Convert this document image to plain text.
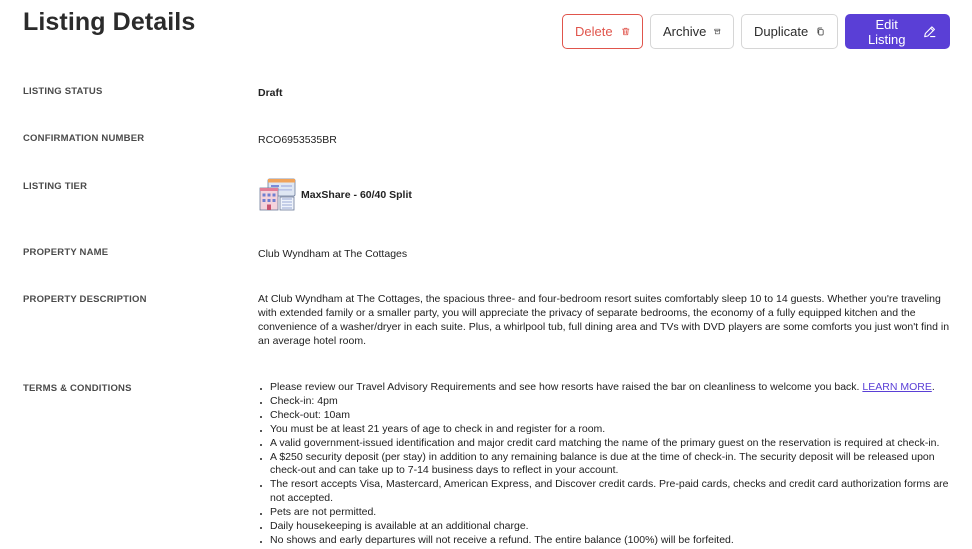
Listing Details	Delete	Archive	Duplicate	Edit Listing
LISTING STATUS	Draft
CONFIRMATION NUMBER	RCO6953535BR
LISTING TIER
MaxShare - 60/40 Split
PROPERTY NAME	Club Wyndham at The Cottages
PROPERTY DESCRIPTION	At Club Wyndham at The Cottages, the spacious three- and four-bedroom resort suites comfortably sleep 10 to 14 guests. Whether you're traveling with extended family or a smaller party, you will appreciate the privacy of separate bedrooms, the economy of a fully equipped kitchen and the convenience of a washer/dryer in each suite. Plus, a whirlpool tub, full dining area and TVs with DVD players are some comforts you just won't find in an average hotel room.
TERMS & CONDITIONS
•	Please review our Travel Advisory Requirements and see how resorts have raised the bar on cleanliness to welcome you back. LEARN MORE.
• Check-in: 4pm
• Check-out: 10am
• You must be at least 21 years of age to check in and register for a room.
• A valid government-issued identification and major credit card matching the name of the primary guest on the reservation is required at check-in.
• A $250 security deposit (per stay) in addition to any remaining balance is due at the time of check-in. The security deposit will be released upon check-out and can take up to 7-14 business days to reflect in your account.
• The resort accepts Visa, Mastercard, American Express, and Discover credit cards. Pre-paid cards, checks and credit card authorization forms are not accepted.
• Pets are not permitted.
• Daily housekeeping is available at an additional charge.
• No shows and early departures will not receive a refund. The entire balance (100%) will be forfeited.
